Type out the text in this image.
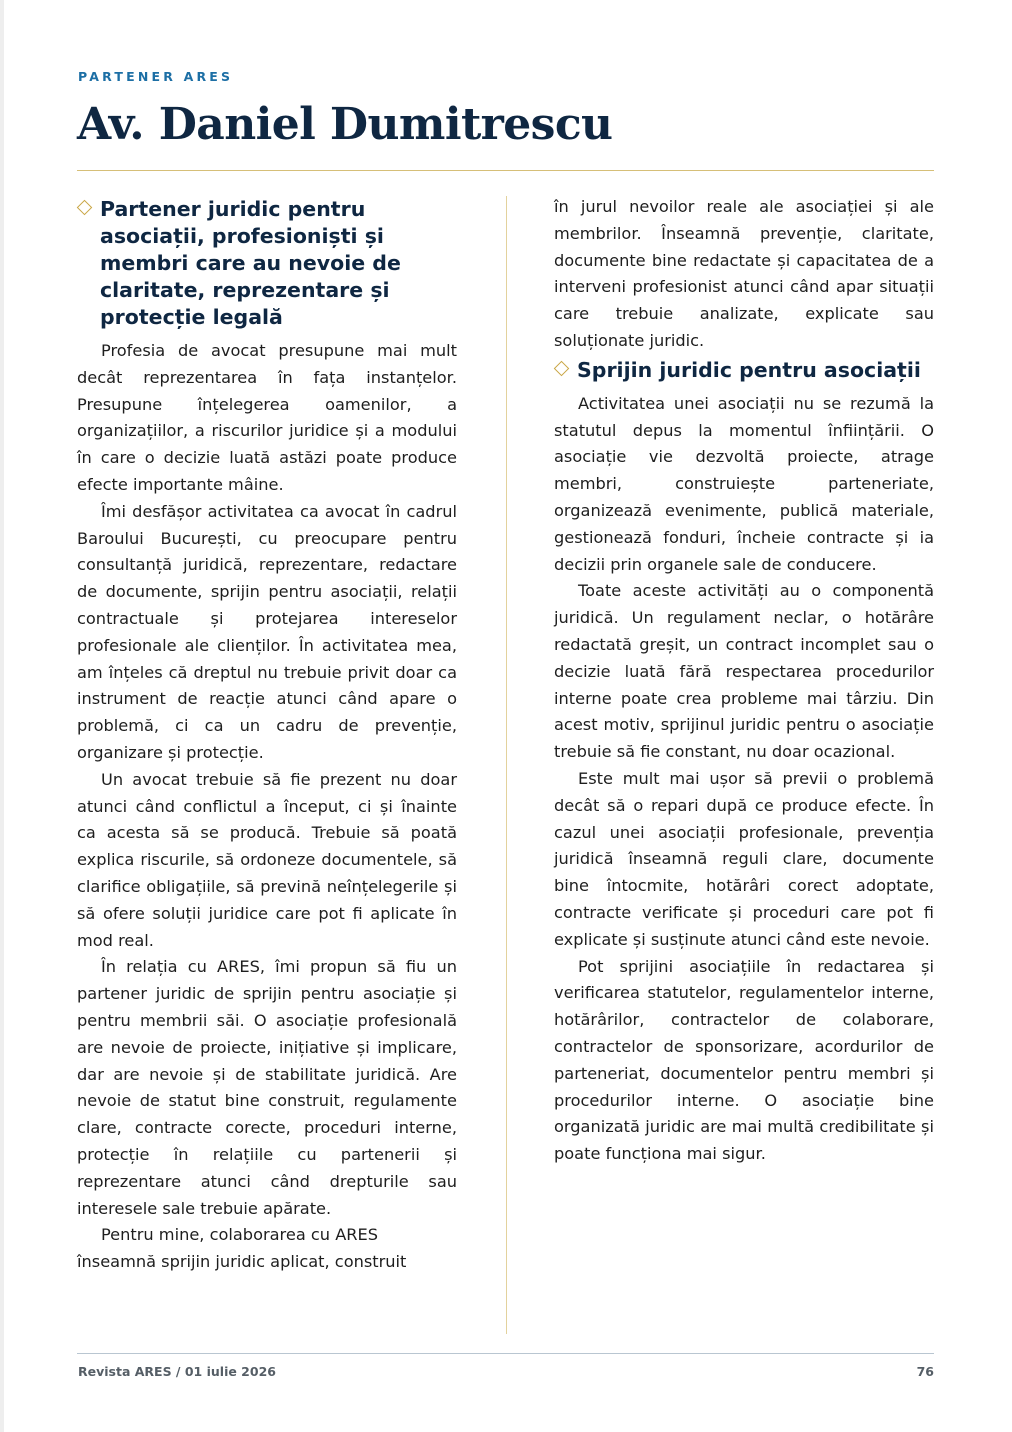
PARTENER ARES
Av. Daniel Dumitrescu
Partener juridic pentru asociații, profesioniști și membri care au nevoie de claritate, reprezentare și protecție legală

Profesia de avocat presupune mai mult decât reprezentarea în fața instanțelor. Presupune înțelegerea oamenilor, a organizațiilor, a riscurilor juridice și a modului în care o decizie luată astăzi poate produce efecte importante mâine.

Îmi desfășor activitatea ca avocat în cadrul Baroului București, cu preocupare pentru consultanță juridică, reprezentare, redactare de documente, sprijin pentru asociații, relații contractuale și protejarea intereselor profesionale ale clienților. În activitatea mea, am înțeles că dreptul nu trebuie privit doar ca instrument de reacție atunci când apare o problemă, ci ca un cadru de prevenție, organizare și protecție.

Un avocat trebuie să fie prezent nu doar atunci când conflictul a început, ci și înainte ca acesta să se producă. Trebuie să poată explica riscurile, să ordoneze documentele, să clarifice obligațiile, să prevină neînțelegerile și să ofere soluții juridice care pot fi aplicate în mod real.

În relația cu ARES, îmi propun să fiu un partener juridic de sprijin pentru asociație și pentru membrii săi. O asociație profesională are nevoie de proiecte, inițiative și implicare, dar are nevoie și de stabilitate juridică. Are nevoie de statut bine construit, regulamente clare, contracte corecte, proceduri interne, protecție în relațiile cu partenerii și reprezentare atunci când drepturile sau interesele sale trebuie apărate.

Pentru mine, colaborarea cu ARES înseamnă sprijin juridic aplicat, construit

în jurul nevoilor reale ale asociației și ale membrilor. Înseamnă prevenție, claritate, documente bine redactate și capacitatea de a interveni profesionist atunci când apar situații care trebuie analizate, explicate sau soluționate juridic.

Sprijin juridic pentru asociații

Activitatea unei asociații nu se rezumă la statutul depus la momentul înființării. O asociație vie dezvoltă proiecte, atrage membri, construiește parteneriate, organizează evenimente, publică materiale, gestionează fonduri, încheie contracte și ia decizii prin organele sale de conducere.

Toate aceste activități au o componentă juridică. Un regulament neclar, o hotărâre redactată greșit, un contract incomplet sau o decizie luată fără respectarea procedurilor interne poate crea probleme mai târziu. Din acest motiv, sprijinul juridic pentru o asociație trebuie să fie constant, nu doar ocazional.

Este mult mai ușor să previi o problemă decât să o repari după ce produce efecte. În cazul unei asociații profesionale, prevenția juridică înseamnă reguli clare, documente bine întocmite, hotărâri corect adoptate, contracte verificate și proceduri care pot fi explicate și susținute atunci când este nevoie.

Pot sprijini asociațiile în redactarea și verificarea statutelor, regulamentelor interne, hotărârilor, contractelor de colaborare, contractelor de sponsorizare, acordurilor de parteneriat, documentelor pentru membri și procedurilor interne. O asociație bine organizată juridic are mai multă credibilitate și poate funcționa mai sigur.

Revista ARES / 01 iulie 2026	76
